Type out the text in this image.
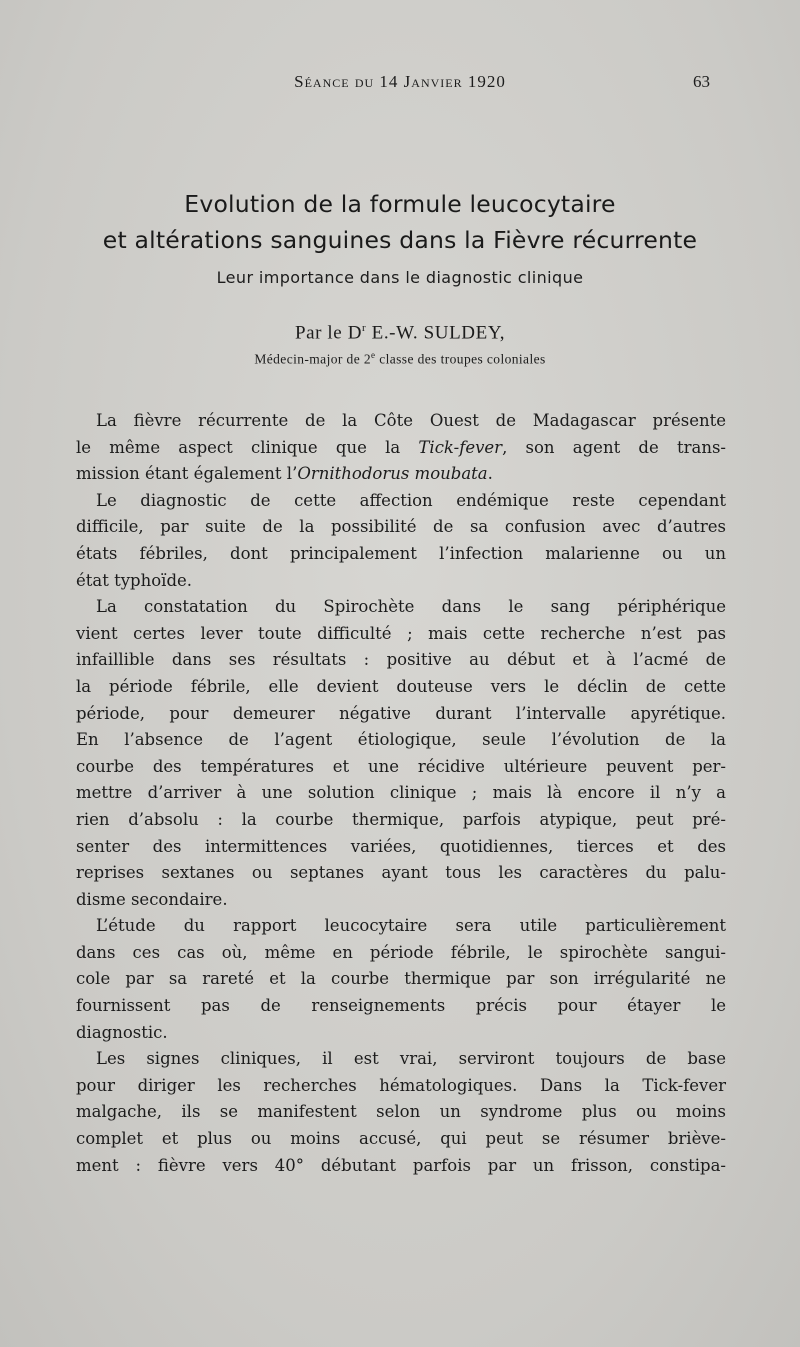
Séance du 14 Janvier 1920	63
Evolution de la formule leucocytaire
et altérations sanguines dans la Fièvre récurrente
Leur importance dans le diagnostic clinique
Par le $D^r$ E.-W. SULDEY,
Médecin-major de 2e classe des troupes coloniales
La fièvre récurrente de la Côte Ouest de Madagascar présente
le même aspect clinique que la Tick-fever, son agent de trans-
mission étant également l’Ornithodorus moubata.
Le diagnostic de cette affection endémique reste cependant
difficile, par suite de la possibilité de sa confusion avec d’autres
états fébriles, dont principalement l’infection malarienne ou un
état typhoïde.
La constatation du Spirochète dans le sang périphérique
vient certes lever toute difficulté ; mais cette recherche n’est pas
infaillible dans ses résultats : positive au début et à l’acmé de
la période fébrile, elle devient douteuse vers le déclin de cette
période, pour demeurer négative durant l’intervalle apyrétique.
En l’absence de l’agent étiologique, seule l’évolution de la
courbe des températures et une récidive ultérieure peuvent per-
mettre d’arriver à une solution clinique ; mais là encore il n’y a
rien d’absolu : la courbe thermique, parfois atypique, peut pré-
senter des intermittences variées, quotidiennes, tierces et des
reprises sextanes ou septanes ayant tous les caractères du palu-
disme secondaire.
L’étude du rapport leucocytaire sera utile particulièrement
dans ces cas où, même en période fébrile, le spirochète sangui-
cole par sa rareté et la courbe thermique par son irrégularité ne
fournissent pas de renseignements précis pour étayer le
diagnostic.
Les signes cliniques, il est vrai, serviront toujours de base
pour diriger les recherches hématologiques. Dans la Tick-fever
malgache, ils se manifestent selon un syndrome plus ou moins
complet et plus ou moins accusé, qui peut se résumer briève-
ment : fièvre vers 40° débutant parfois par un frisson, constipa-
